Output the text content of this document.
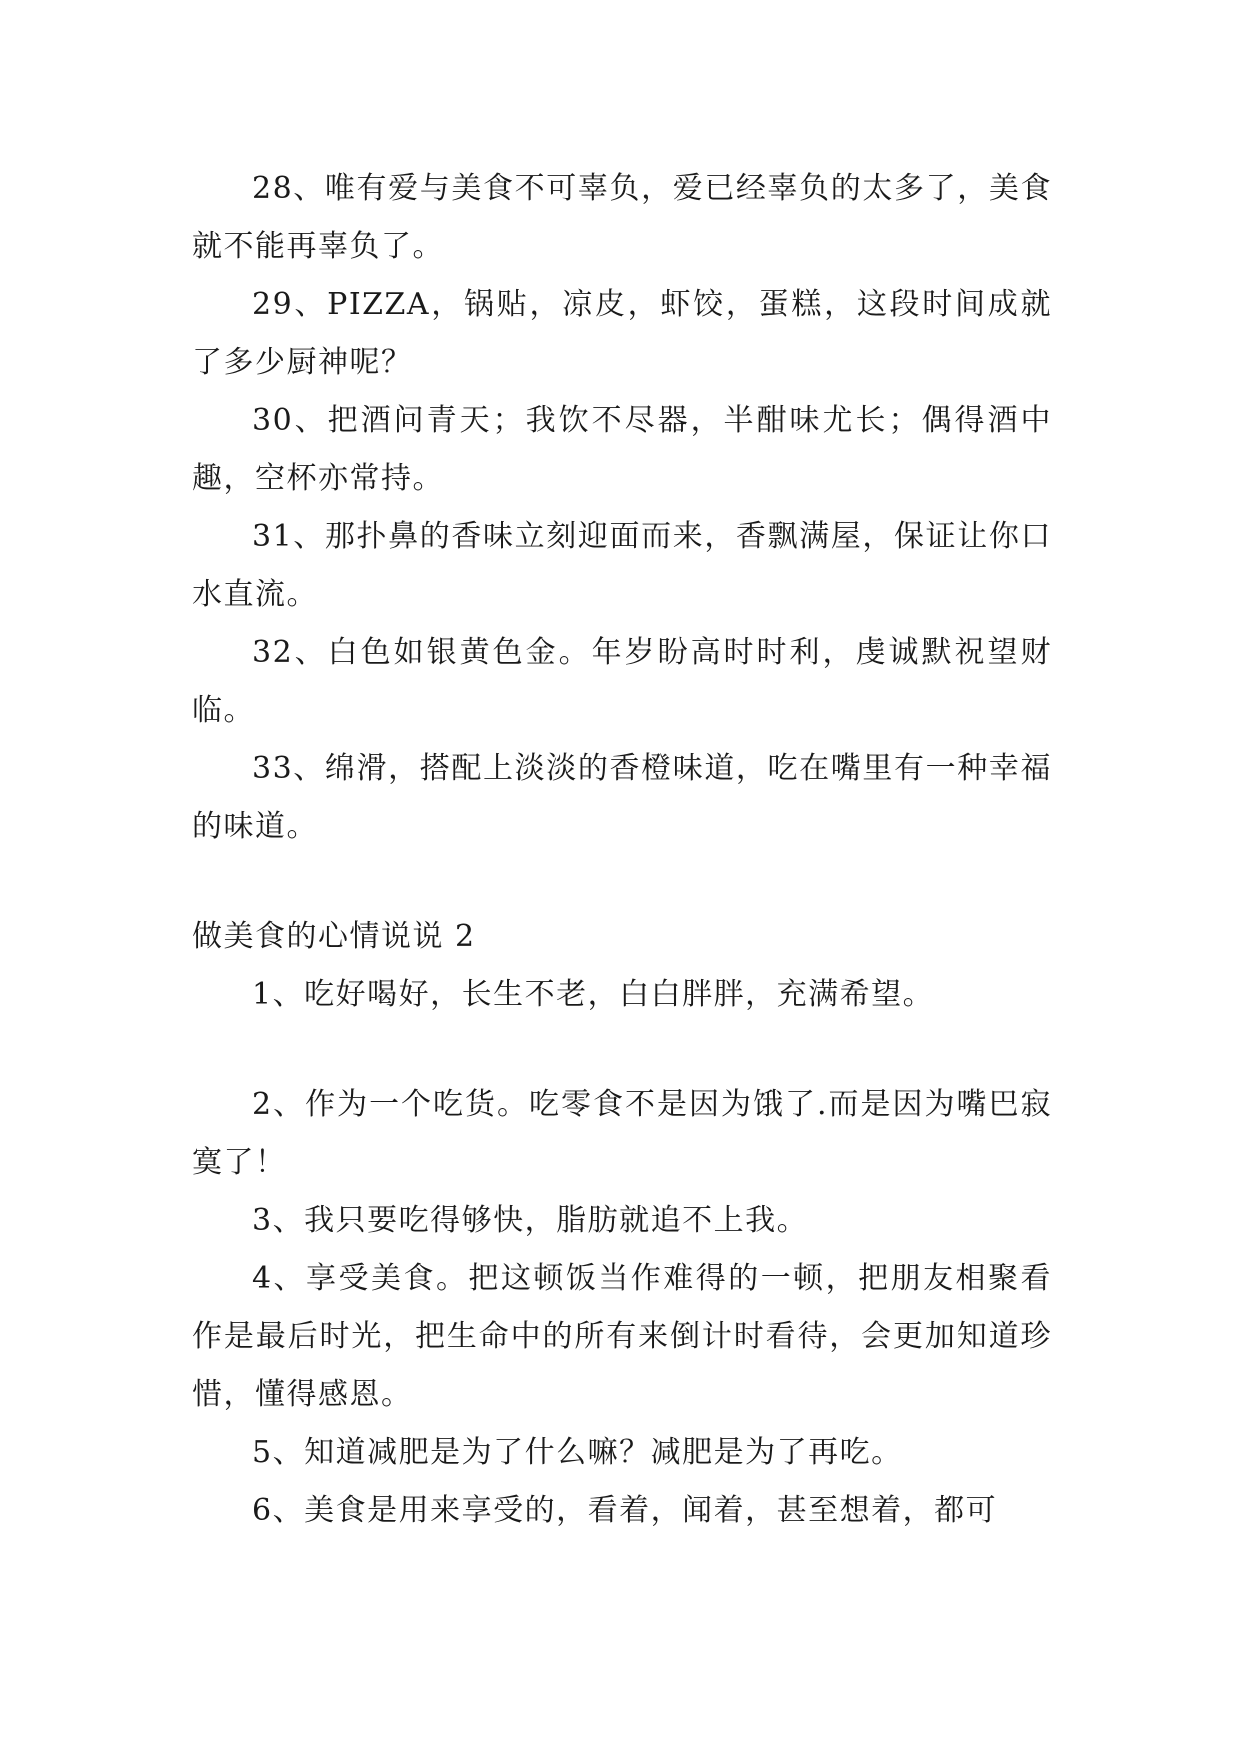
28、唯有爱与美食不可辜负，爱已经辜负的太多了，美食就不能再辜负了。

29、PIZZA，锅贴，凉皮，虾饺，蛋糕，这段时间成就了多少厨神呢？

30、把酒问青天；我饮不尽器，半酣味尤长；偶得酒中趣，空杯亦常持。

31、那扑鼻的香味立刻迎面而来，香飘满屋，保证让你口水直流。

32、白色如银黄色金。年岁盼高时时利，虔诚默祝望财临。

33、绵滑，搭配上淡淡的香橙味道，吃在嘴里有一种幸福的味道。

做美食的心情说说 2

1、吃好喝好，长生不老，白白胖胖，充满希望。

2、作为一个吃货。吃零食不是因为饿了.而是因为嘴巴寂寞了！

3、我只要吃得够快，脂肪就追不上我。

4、享受美食。把这顿饭当作难得的一顿，把朋友相聚看作是最后时光，把生命中的所有来倒计时看待，会更加知道珍惜，懂得感恩。

5、知道减肥是为了什么嘛？减肥是为了再吃。

6、美食是用来享受的，看着，闻着，甚至想着，都可
